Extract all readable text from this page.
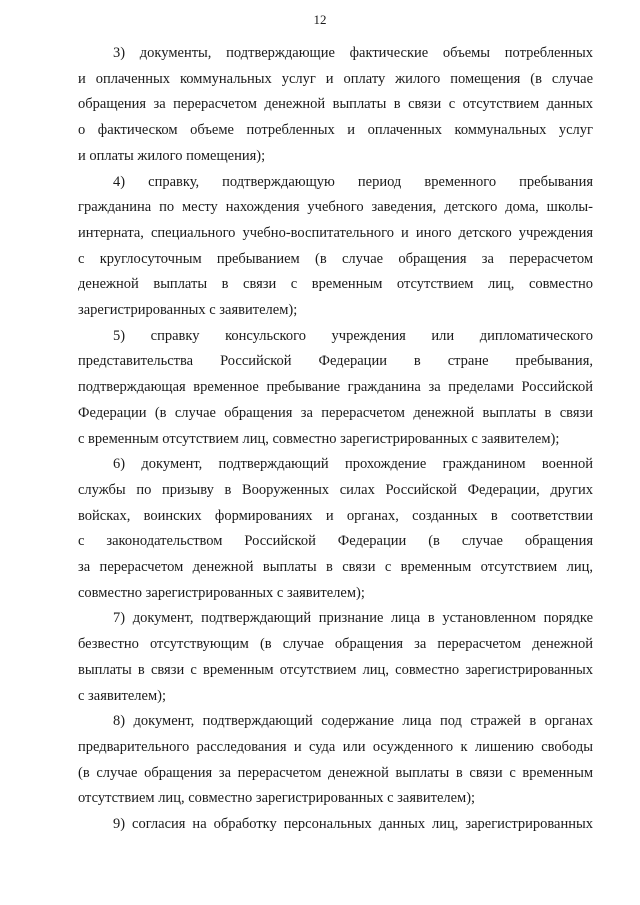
12
3) документы, подтверждающие фактические объемы потребленных
и оплаченных коммунальных услуг и оплату жилого помещения (в случае
обращения за перерасчетом денежной выплаты в связи с отсутствием данных
о фактическом объеме потребленных и оплаченных коммунальных услуг
и оплаты жилого помещения);
4) справку, подтверждающую период временного пребывания
гражданина по месту нахождения учебного заведения, детского дома, школы-
интерната, специального учебно-воспитательного и иного детского учреждения
с круглосуточным пребыванием (в случае обращения за перерасчетом
денежной выплаты в связи с временным отсутствием лиц, совместно
зарегистрированных с заявителем);
5) справку консульского учреждения или дипломатического
представительства Российской Федерации в стране пребывания,
подтверждающая временное пребывание гражданина за пределами Российской
Федерации (в случае обращения за перерасчетом денежной выплаты в связи
с временным отсутствием лиц, совместно зарегистрированных с заявителем);
6) документ, подтверждающий прохождение гражданином военной
службы по призыву в Вооруженных силах Российской Федерации, других
войсках, воинских формированиях и органах, созданных в соответствии
с законодательством Российской Федерации (в случае обращения
за перерасчетом денежной выплаты в связи с временным отсутствием лиц,
совместно зарегистрированных с заявителем);
7) документ, подтверждающий признание лица в установленном порядке
безвестно отсутствующим (в случае обращения за перерасчетом денежной
выплаты в связи с временным отсутствием лиц, совместно зарегистрированных
с заявителем);
8) документ, подтверждающий содержание лица под стражей в органах
предварительного расследования и суда или осужденного к лишению свободы
(в случае обращения за перерасчетом денежной выплаты в связи с временным
отсутствием лиц, совместно зарегистрированных с заявителем);
9) согласия на обработку персональных данных лиц, зарегистрированных
